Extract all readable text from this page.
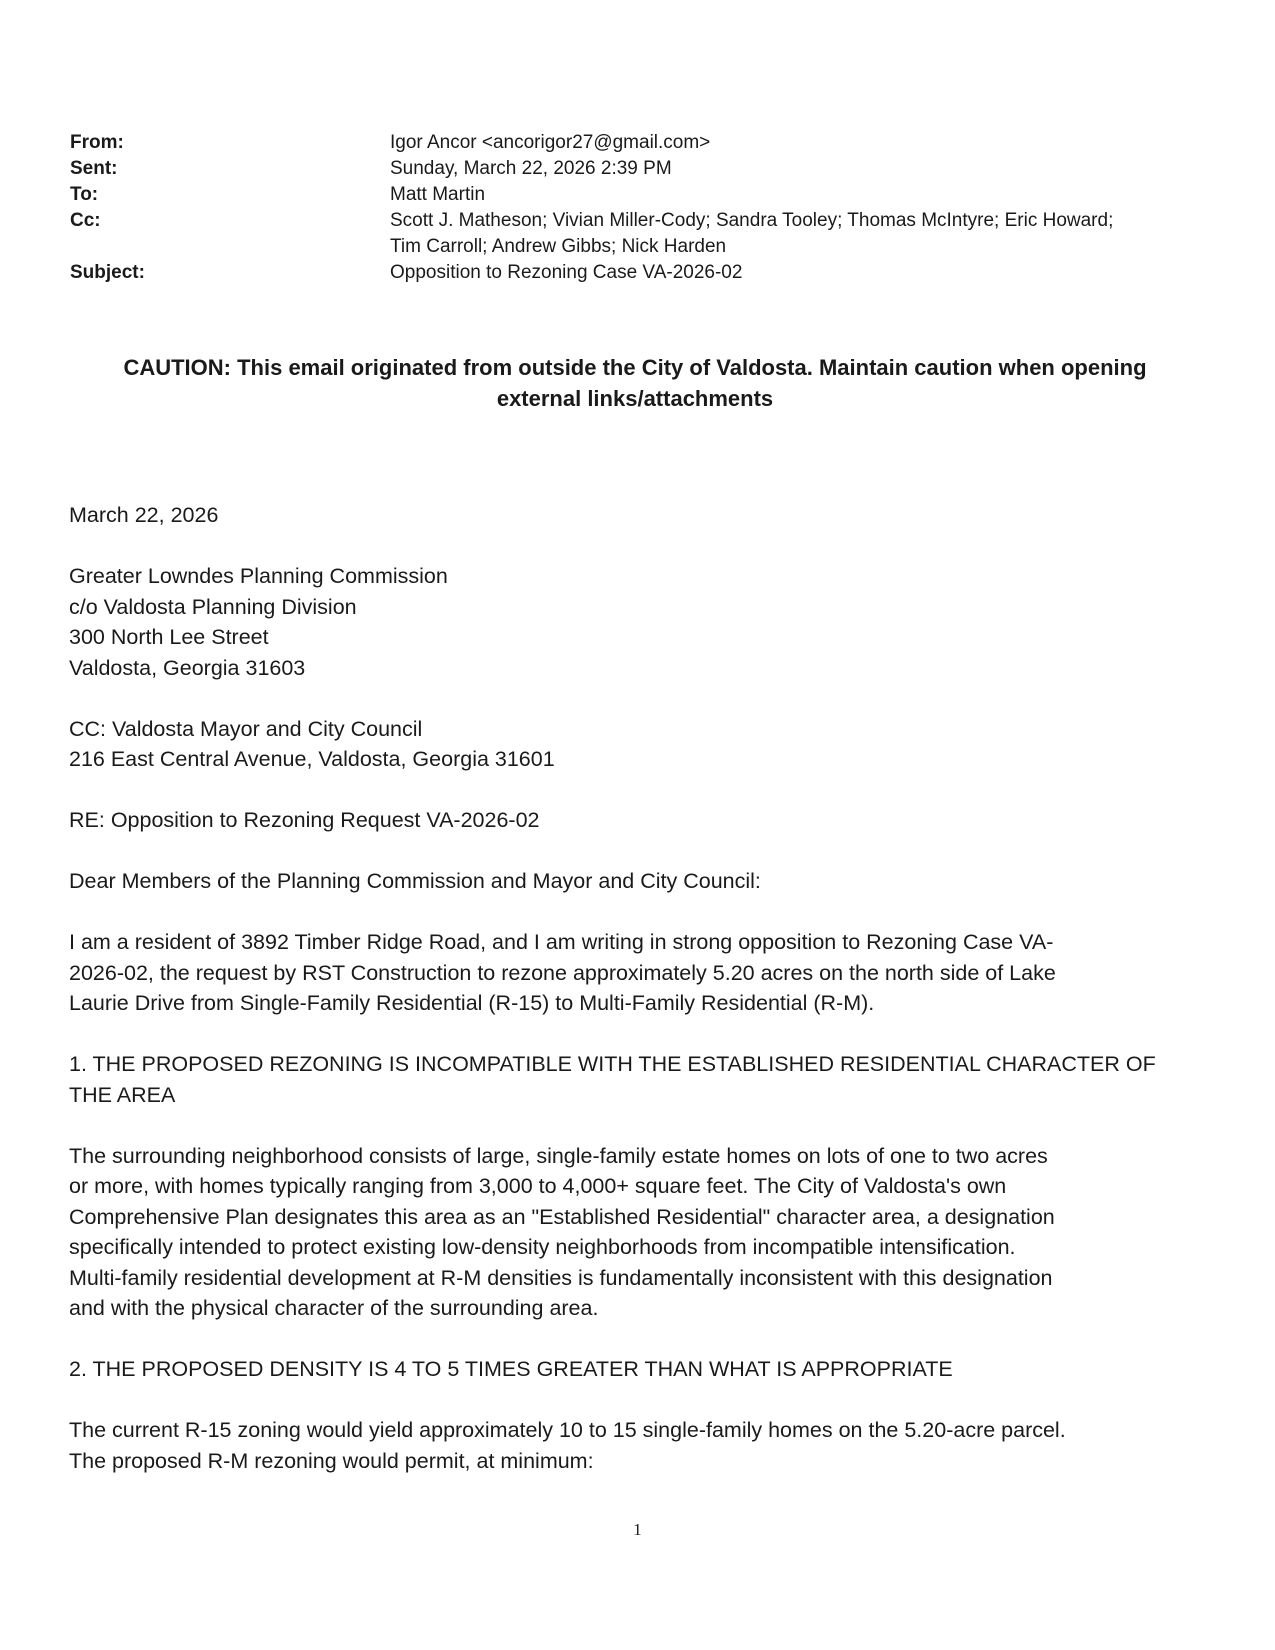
From:	Igor Ancor <ancorigor27@gmail.com>
Sent:	Sunday, March 22, 2026 2:39 PM
To:	Matt Martin
Cc:	Scott J. Matheson; Vivian Miller-Cody; Sandra Tooley; Thomas McIntyre; Eric Howard;
Tim Carroll; Andrew Gibbs; Nick Harden
Subject:	Opposition to Rezoning Case VA-2026-02
CAUTION: This email originated from outside the City of Valdosta. Maintain caution when opening
external links/attachments

March 22, 2026

Greater Lowndes Planning Commission
c/o Valdosta Planning Division
300 North Lee Street
Valdosta, Georgia 31603

CC: Valdosta Mayor and City Council
216 East Central Avenue, Valdosta, Georgia 31601

RE: Opposition to Rezoning Request VA-2026-02

Dear Members of the Planning Commission and Mayor and City Council:

I am a resident of 3892 Timber Ridge Road, and I am writing in strong opposition to Rezoning Case VA-
2026-02, the request by RST Construction to rezone approximately 5.20 acres on the north side of Lake
Laurie Drive from Single-Family Residential (R-15) to Multi-Family Residential (R-M).

1. THE PROPOSED REZONING IS INCOMPATIBLE WITH THE ESTABLISHED RESIDENTIAL CHARACTER OF
THE AREA

The surrounding neighborhood consists of large, single-family estate homes on lots of one to two acres
or more, with homes typically ranging from 3,000 to 4,000+ square feet. The City of Valdosta's own
Comprehensive Plan designates this area as an "Established Residential" character area, a designation
specifically intended to protect existing low-density neighborhoods from incompatible intensification.
Multi-family residential development at R-M densities is fundamentally inconsistent with this designation
and with the physical character of the surrounding area.

2. THE PROPOSED DENSITY IS 4 TO 5 TIMES GREATER THAN WHAT IS APPROPRIATE

The current R-15 zoning would yield approximately 10 to 15 single-family homes on the 5.20-acre parcel.
The proposed R-M rezoning would permit, at minimum:

1
